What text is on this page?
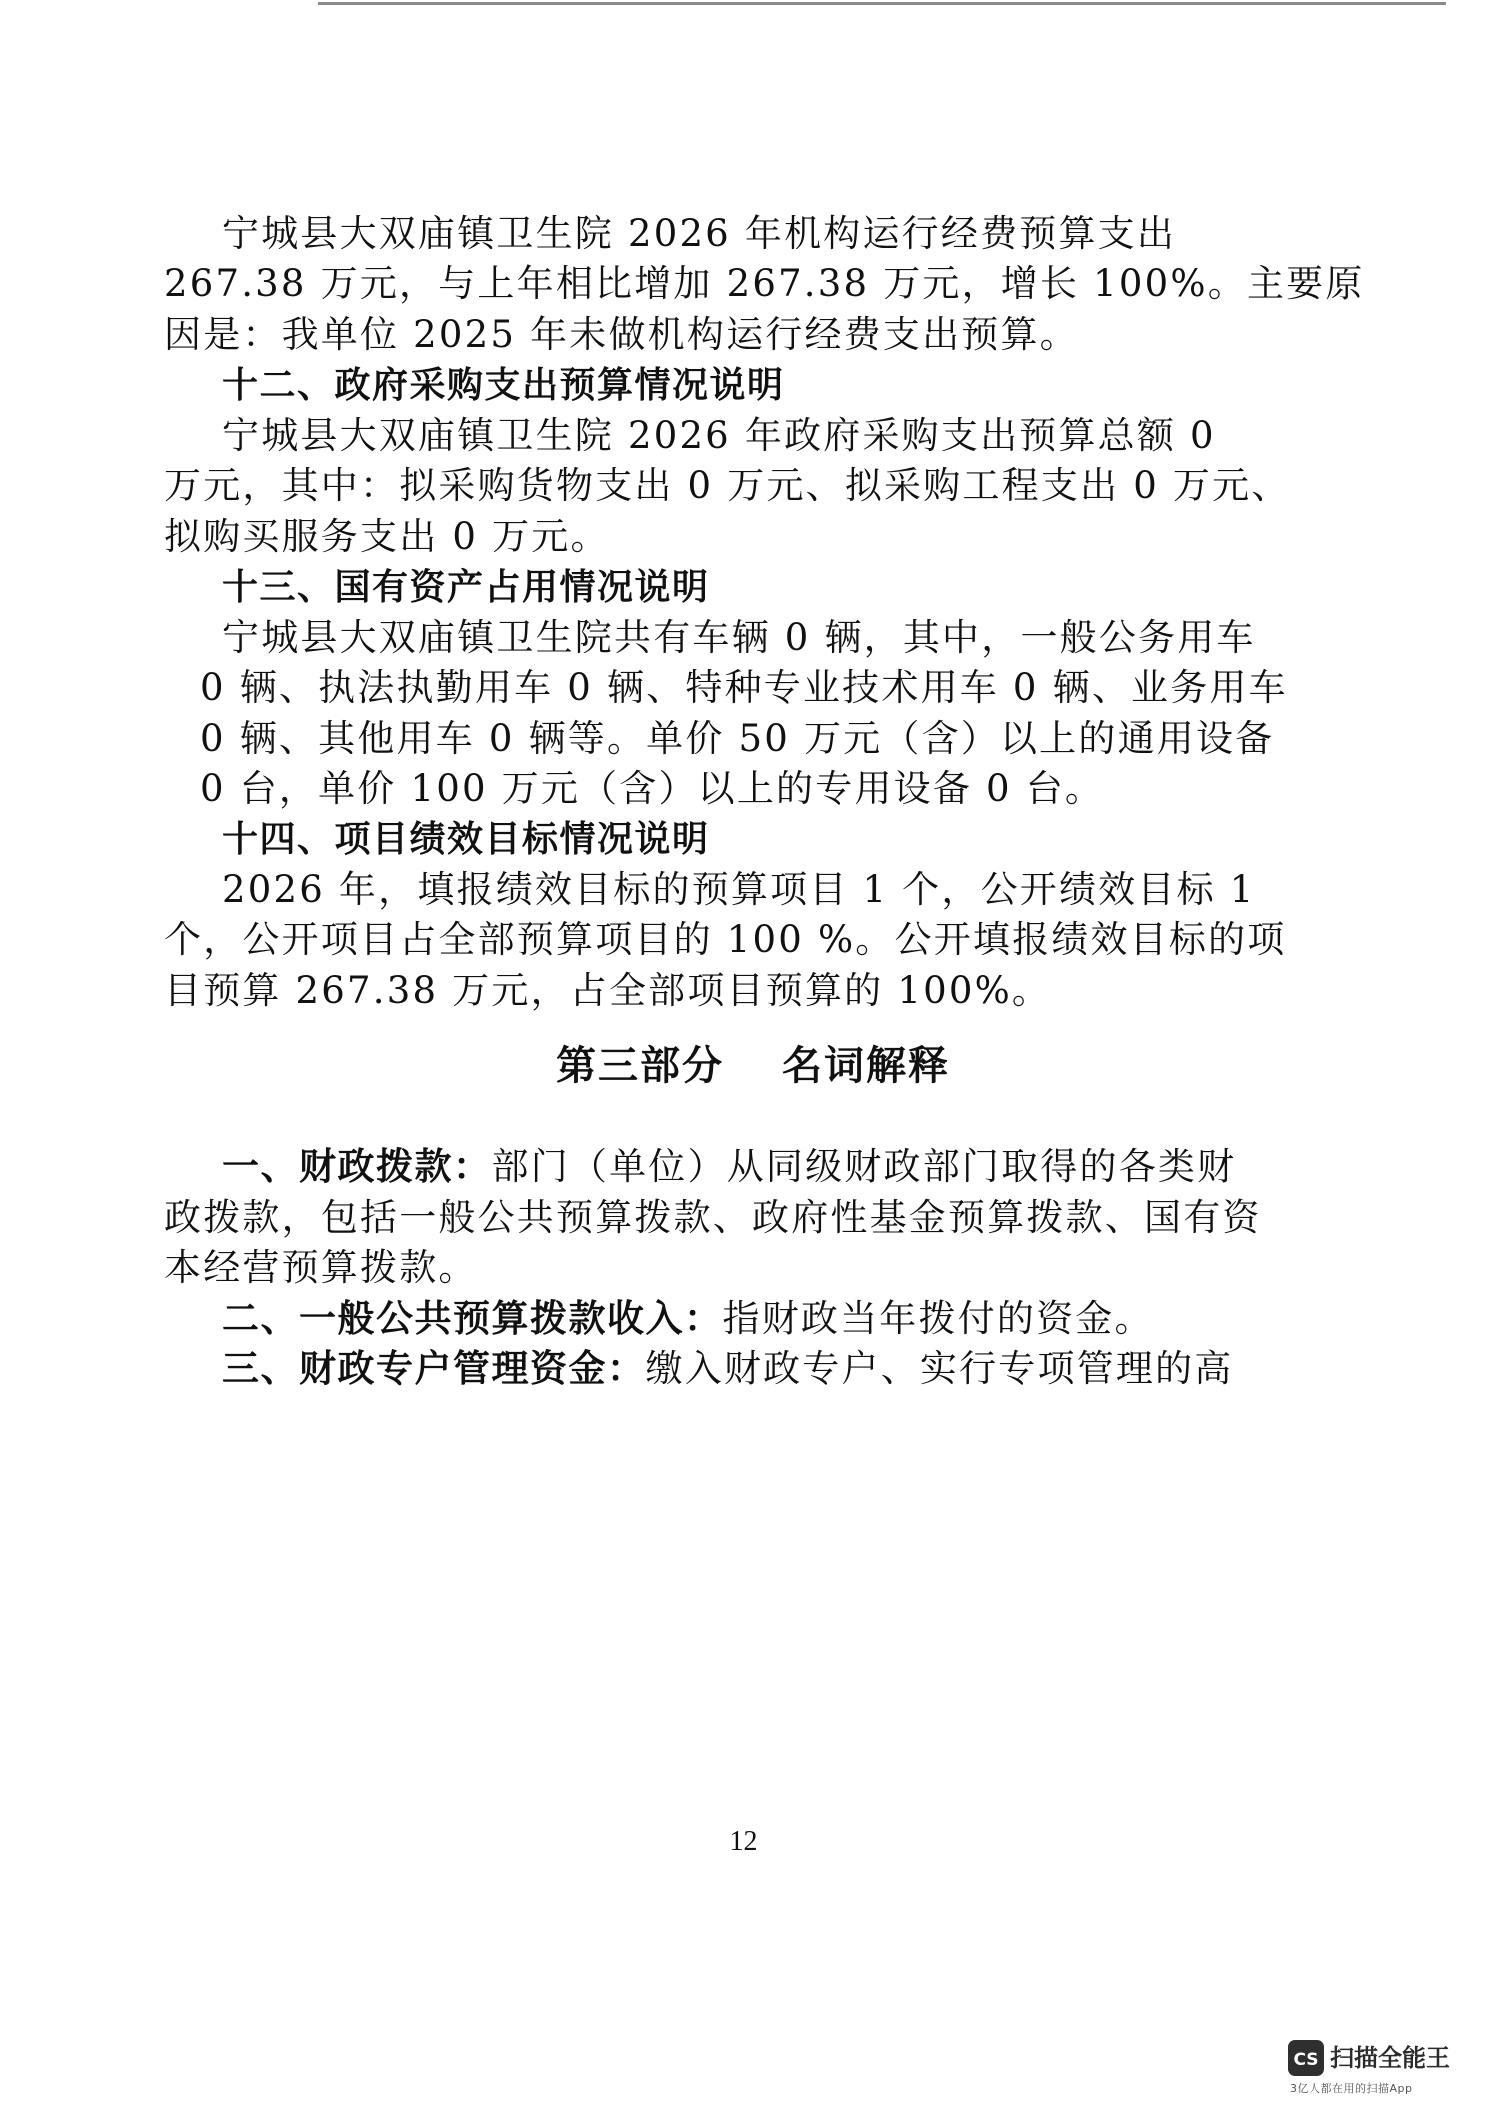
宁城县大双庙镇卫生院 2026 年机构运行经费预算支出
267.38 万元，与上年相比增加 267.38 万元，增长 100%。主要原
因是：我单位 2025 年未做机构运行经费支出预算。
十二、政府采购支出预算情况说明
宁城县大双庙镇卫生院 2026 年政府采购支出预算总额 0
万元，其中：拟采购货物支出 0 万元、拟采购工程支出 0 万元、
拟购买服务支出 0 万元。
十三、国有资产占用情况说明
宁城县大双庙镇卫生院共有车辆 0 辆，其中，一般公务用车
0 辆、执法执勤用车 0 辆、特种专业技术用车 0 辆、业务用车
0 辆、其他用车 0 辆等。单价 50 万元（含）以上的通用设备
0 台，单价 100 万元（含）以上的专用设备 0 台。
十四、项目绩效目标情况说明
2026 年，填报绩效目标的预算项目 1 个，公开绩效目标 1
个，公开项目占全部预算项目的 100 %。公开填报绩效目标的项
目预算 267.38 万元，占全部项目预算的 100%。
第三部分　 名词解释
一、财政拨款：部门（单位）从同级财政部门取得的各类财
政拨款，包括一般公共预算拨款、政府性基金预算拨款、国有资
本经营预算拨款。
二、一般公共预算拨款收入：指财政当年拨付的资金。
三、财政专户管理资金：缴入财政专户、实行专项管理的高
12
CS 扫描全能王
3亿人都在用的扫描App
